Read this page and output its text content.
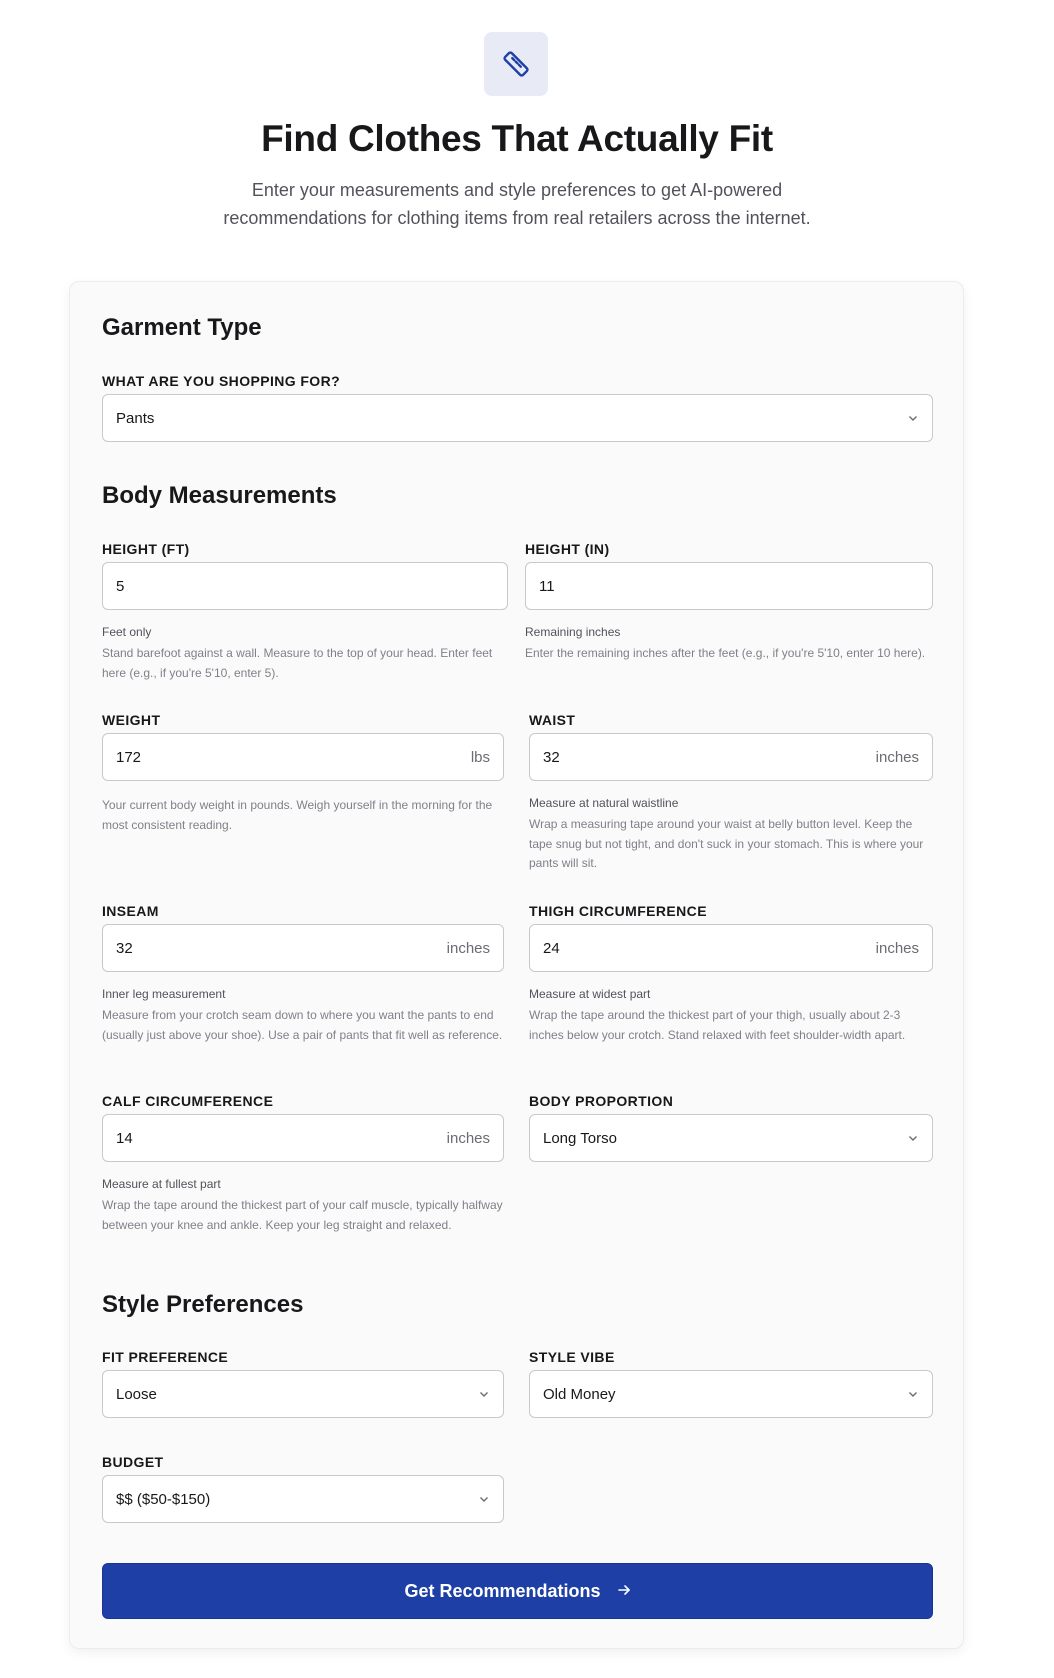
Find Clothes That Actually Fit

Enter your measurements and style preferences to get AI-powered recommendations for clothing items from real retailers across the internet.

Garment Type
WHAT ARE YOU SHOPPING FOR?
Pants
Body Measurements
HEIGHT (FT)
5
Feet only
Stand barefoot against a wall. Measure to the top of your head. Enter feet here (e.g., if you're 5'10, enter 5).
HEIGHT (IN)
11
Remaining inches
Enter the remaining inches after the feet (e.g., if you're 5'10, enter 10 here).
WEIGHT
172	lbs
Your current body weight in pounds. Weigh yourself in the morning for the most consistent reading.
WAIST
32	inches
Measure at natural waistline
Wrap a measuring tape around your waist at belly button level. Keep the tape snug but not tight, and don't suck in your stomach. This is where your pants will sit.
INSEAM
32	inches
Inner leg measurement
Measure from your crotch seam down to where you want the pants to end (usually just above your shoe). Use a pair of pants that fit well as reference.
THIGH CIRCUMFERENCE
24	inches
Measure at widest part
Wrap the tape around the thickest part of your thigh, usually about 2-3 inches below your crotch. Stand relaxed with feet shoulder-width apart.
CALF CIRCUMFERENCE
14	inches
Measure at fullest part
Wrap the tape around the thickest part of your calf muscle, typically halfway between your knee and ankle. Keep your leg straight and relaxed.
BODY PROPORTION
Long Torso
Style Preferences
FIT PREFERENCE
Loose
STYLE VIBE
Old Money
BUDGET
$$ ($50-$150)
Get Recommendations
